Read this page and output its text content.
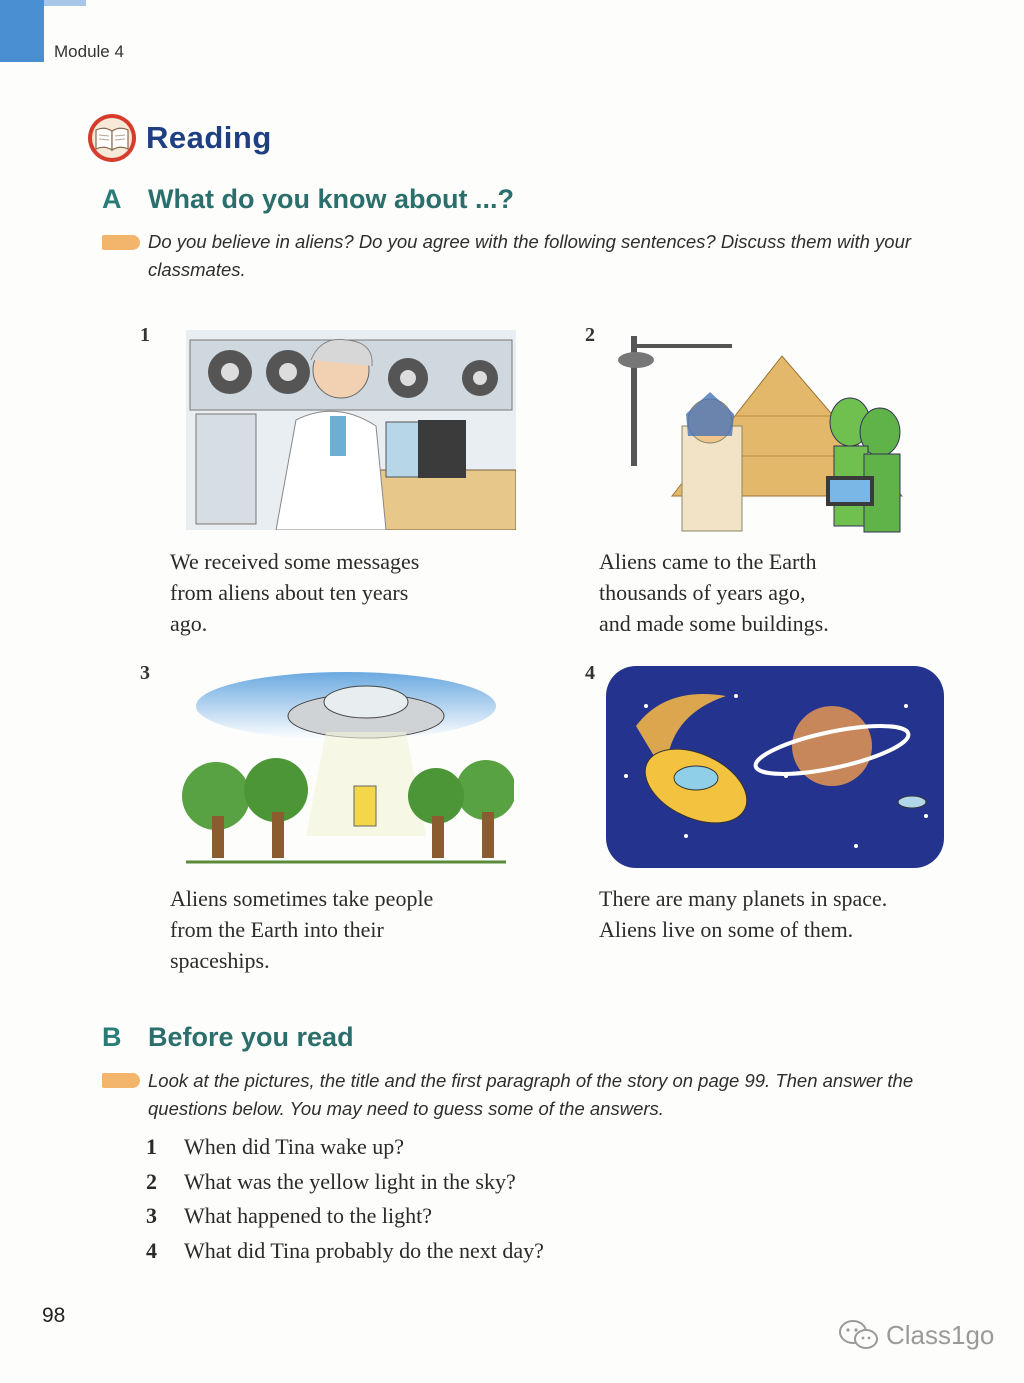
Module 4
Reading
A What do you know about ...?
Do you believe in aliens? Do you agree with the following sentences? Discuss them with your classmates.
1
We received some messages
from aliens about ten years
ago.
2
Aliens came to the Earth
thousands of years ago,
and made some buildings.
3
Aliens sometimes take people
from the Earth into their
spaceships.
4
There are many planets in space.
Aliens live on some of them.
B Before you read
Look at the pictures, the title and the first paragraph of the story on page 99. Then answer the questions below. You may need to guess some of the answers.
1	When did Tina wake up?
2	What was the yellow light in the sky?
3	What happened to the light?
4	What did Tina probably do the next day?
98
Class1go
